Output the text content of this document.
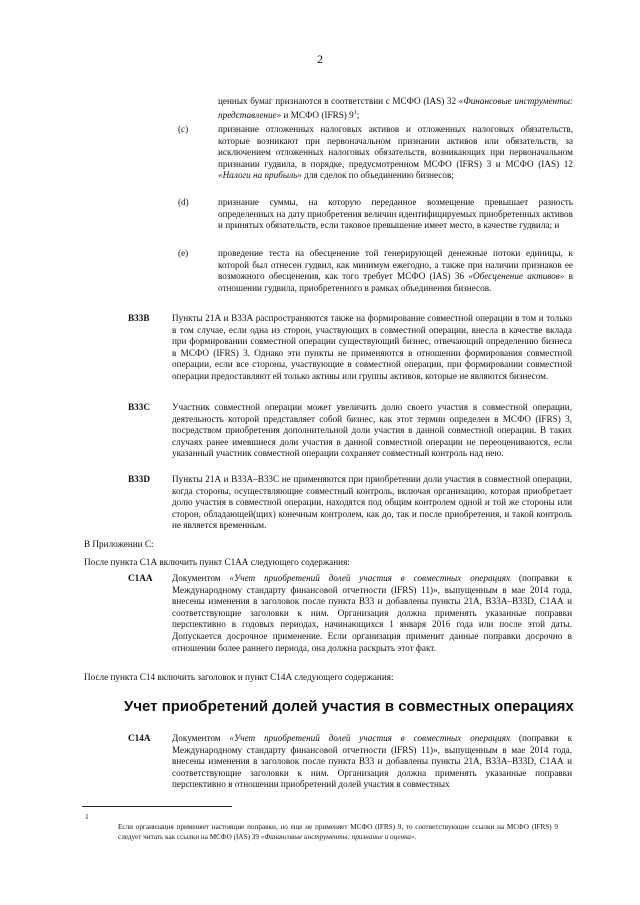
2
ценных бумаг признаются в соответствии с МСФО (IAS) 32 «Финансовые инструменты: представление» и МСФО (IFRS) $9^1$;
(c)	признание отложенных налоговых активов и отложенных налоговых обязательств, которые возникают при первоначальном признании активов или обязательств, за исключением отложенных налоговых обязательств, возникающих при первоначальном признании гудвила, в порядке, предусмотренном МСФО (IFRS) 3 и МСФО (IAS) 12 «Налоги на прибыль» для сделок по объединению бизнесов;
(d)	признание суммы, на которую переданное возмещение превышает разность определенных на дату приобретения величин идентифицируемых приобретенных активов и принятых обязательств, если таковое превышение имеет место, в качестве гудвила; и
(e)	проведение теста на обесценение той генерирующей денежные потоки единицы, к которой был отнесен гудвил, как минимум ежегодно, а также при наличии признаков ее возможного обесценения, как того требует МСФО (IAS) 36 «Обесценение активов» в отношении гудвила, приобретенного в рамках объединения бизнесов.
B33B Пункты 21А и В33А распространяются также на формирование совместной операции в том и только в том случае, если одна из сторон, участвующих в совместной операции, внесла в качестве вклада при формировании совместной операции существующий бизнес, отвечающий определению бизнеса в МСФО (IFRS) 3. Однако эти пункты не применяются в отношении формирования совместной операции, если все стороны, участвующие в совместной операции, при формировании совместной операции предоставляют ей только активы или группы активов, которые не являются бизнесом.
B33C Участник совместной операции может увеличить долю своего участия в совместной операции, деятельность которой представляет собой бизнес, как этот термин определен в МСФО (IFRS) 3, посредством приобретения дополнительной доли участия в данной совместной операции. В таких случаях ранее имевшиеся доли участия в данной совместной операции не переоцениваются, если указанный участник совместной операции сохраняет совместный контроль над нею.
B33D Пункты 21А и В33А–В33С не применяются при приобретении доли участия в совместной операции, когда стороны, осуществляющие совместный контроль, включая организацию, которая приобретает долю участия в совместной операции, находятся под общим контролем одной и той же стороны или сторон, обладающей(щих) конечным контролем, как до, так и после приобретения, и такой контроль не является временным.
В Приложении С:
После пункта С1А включить пункт С1АА следующего содержания:
C1AA Документом «Учет приобретений долей участия в совместных операциях (поправки к Международному стандарту финансовой отчетности (IFRS) 11)», выпущенным в мае 2014 года, внесены изменения в заголовок после пункта В33 и добавлены пункты 21А, В33А–В33D, С1АА и соответствующие заголовки к ним. Организация должна применять указанные поправки перспективно в годовых периодах, начинающихся 1 января 2016 года или после этой даты. Допускается досрочное применение. Если организация применит данные поправки досрочно в отношении более раннего периода, она должна раскрыть этот факт.
После пункта С14 включить заголовок и пункт С14А следующего содержания:
Учет приобретений долей участия в совместных операциях
C14A Документом «Учет приобретений долей участия в совместных операциях (поправки к Международному стандарту финансовой отчетности (IFRS) 11)», выпущенным в мае 2014 года, внесены изменения в заголовок после пункта В33 и добавлены пункты 21А, В33А–В33D, С1АА и соответствующие заголовки к ним. Организация должна применять указанные поправки перспективно в отношении приобретений долей участия в совместных
1
Если организация применяет настоящие поправки, но еще не применяет МСФО (IFRS) 9, то соответствующие ссылки на МСФО (IFRS) 9 следует читать как ссылки на МСФО (IAS) 39 «Финансовые инструменты: признание и оценка».
